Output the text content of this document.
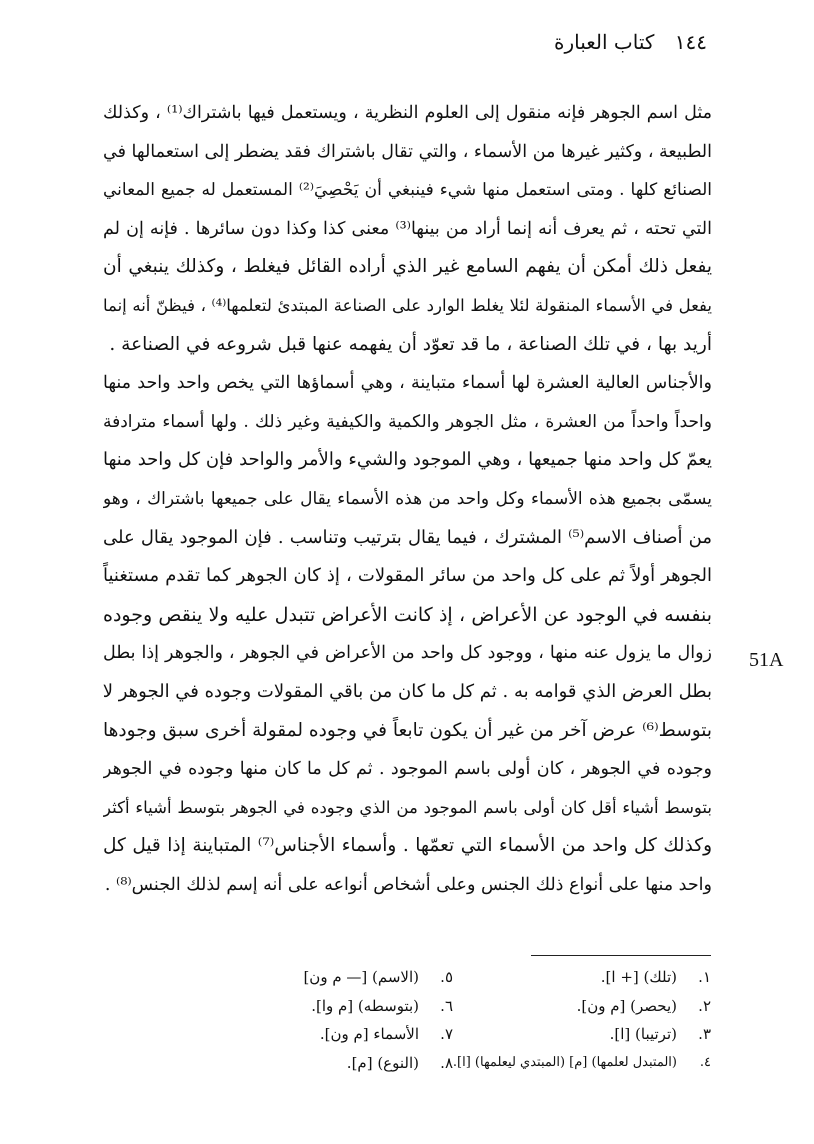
١٤٤ كتاب العبارة
51A
مثل اسم الجوهر فإنه منقول إلى العلوم النظرية ، ويستعمل فيها باشتراك⁽¹⁾ ، وكذلك
الطبيعة ، وكثير غيرها من الأسماء ، والتي تقال باشتراك فقد يضطر إلى استعمالها في
الصنائع كلها . ومتى استعمل منها شيء فينبغي أن يَحْصِيَ⁽²⁾ المستعمل له جميع المعاني
التي تحته ، ثم يعرف أنه إنما أراد من بينها⁽³⁾ معنى كذا وكذا دون سائرها . فإنه إن لم
يفعل ذلك أمكن أن يفهم السامع غير الذي أراده القائل فيغلط ، وكذلك ينبغي أن
يفعل في الأسماء المنقولة لئلا يغلط الوارد على الصناعة المبتدئ لتعلمها⁽⁴⁾ ، فيظنّ أنه إنما
أريد بها ، في تلك الصناعة ، ما قد تعوّد أن يفهمه عنها قبل شروعه في الصناعة .
والأجناس العالية العشرة لها أسماء متباينة ، وهي أسماؤها التي يخص واحد واحد منها
واحداً واحداً من العشرة ، مثل الجوهر والكمية والكيفية وغير ذلك . ولها أسماء مترادفة
يعمّ كل واحد منها جميعها ، وهي الموجود والشيء والأمر والواحد فإن كل واحد منها
يسمّى بجميع هذه الأسماء وكل واحد من هذه الأسماء يقال على جميعها باشتراك ، وهو
من أصناف الاسم⁽⁵⁾ المشترك ، فيما يقال بترتيب وتناسب . فإن الموجود يقال على
الجوهر أولاً ثم على كل واحد من سائر المقولات ، إذ كان الجوهر كما تقدم مستغنياً
بنفسه في الوجود عن الأعراض ، إذ كانت الأعراض تتبدل عليه ولا ينقص وجوده
زوال ما يزول عنه منها ، ووجود كل واحد من الأعراض في الجوهر ، والجوهر إذا بطل
بطل العرض الذي قوامه به . ثم كل ما كان من باقي المقولات وجوده في الجوهر لا
بتوسط⁽⁶⁾ عرض آخر من غير أن يكون تابعاً في وجوده لمقولة أخرى سبق وجودها
وجوده في الجوهر ، كان أولى باسم الموجود . ثم كل ما كان منها وجوده في الجوهر
بتوسط أشياء أقل كان أولى باسم الموجود من الذي وجوده في الجوهر بتوسط أشياء أكثر
وكذلك كل واحد من الأسماء التي تعمّها . وأسماء الأجناس⁽⁷⁾ المتباينة إذا قيل كل
واحد منها على أنواع ذلك الجنس وعلى أشخاص أنواعه على أنه إسم لذلك الجنس⁽⁸⁾ .
١.
(تلك) [+ ا].
٥.
(الاسم) [— م ون]
٢.
(يحصر) [م ون].
٦.
(بتوسطه) [م وا].
٣.
(ترتيبا) [ا].
٧.
الأسماء [م ون].
٤.
(المتبدل لعلمها) [م] (المبتدي ليعلمها) [ا].
٨.
(النوع) [م].
